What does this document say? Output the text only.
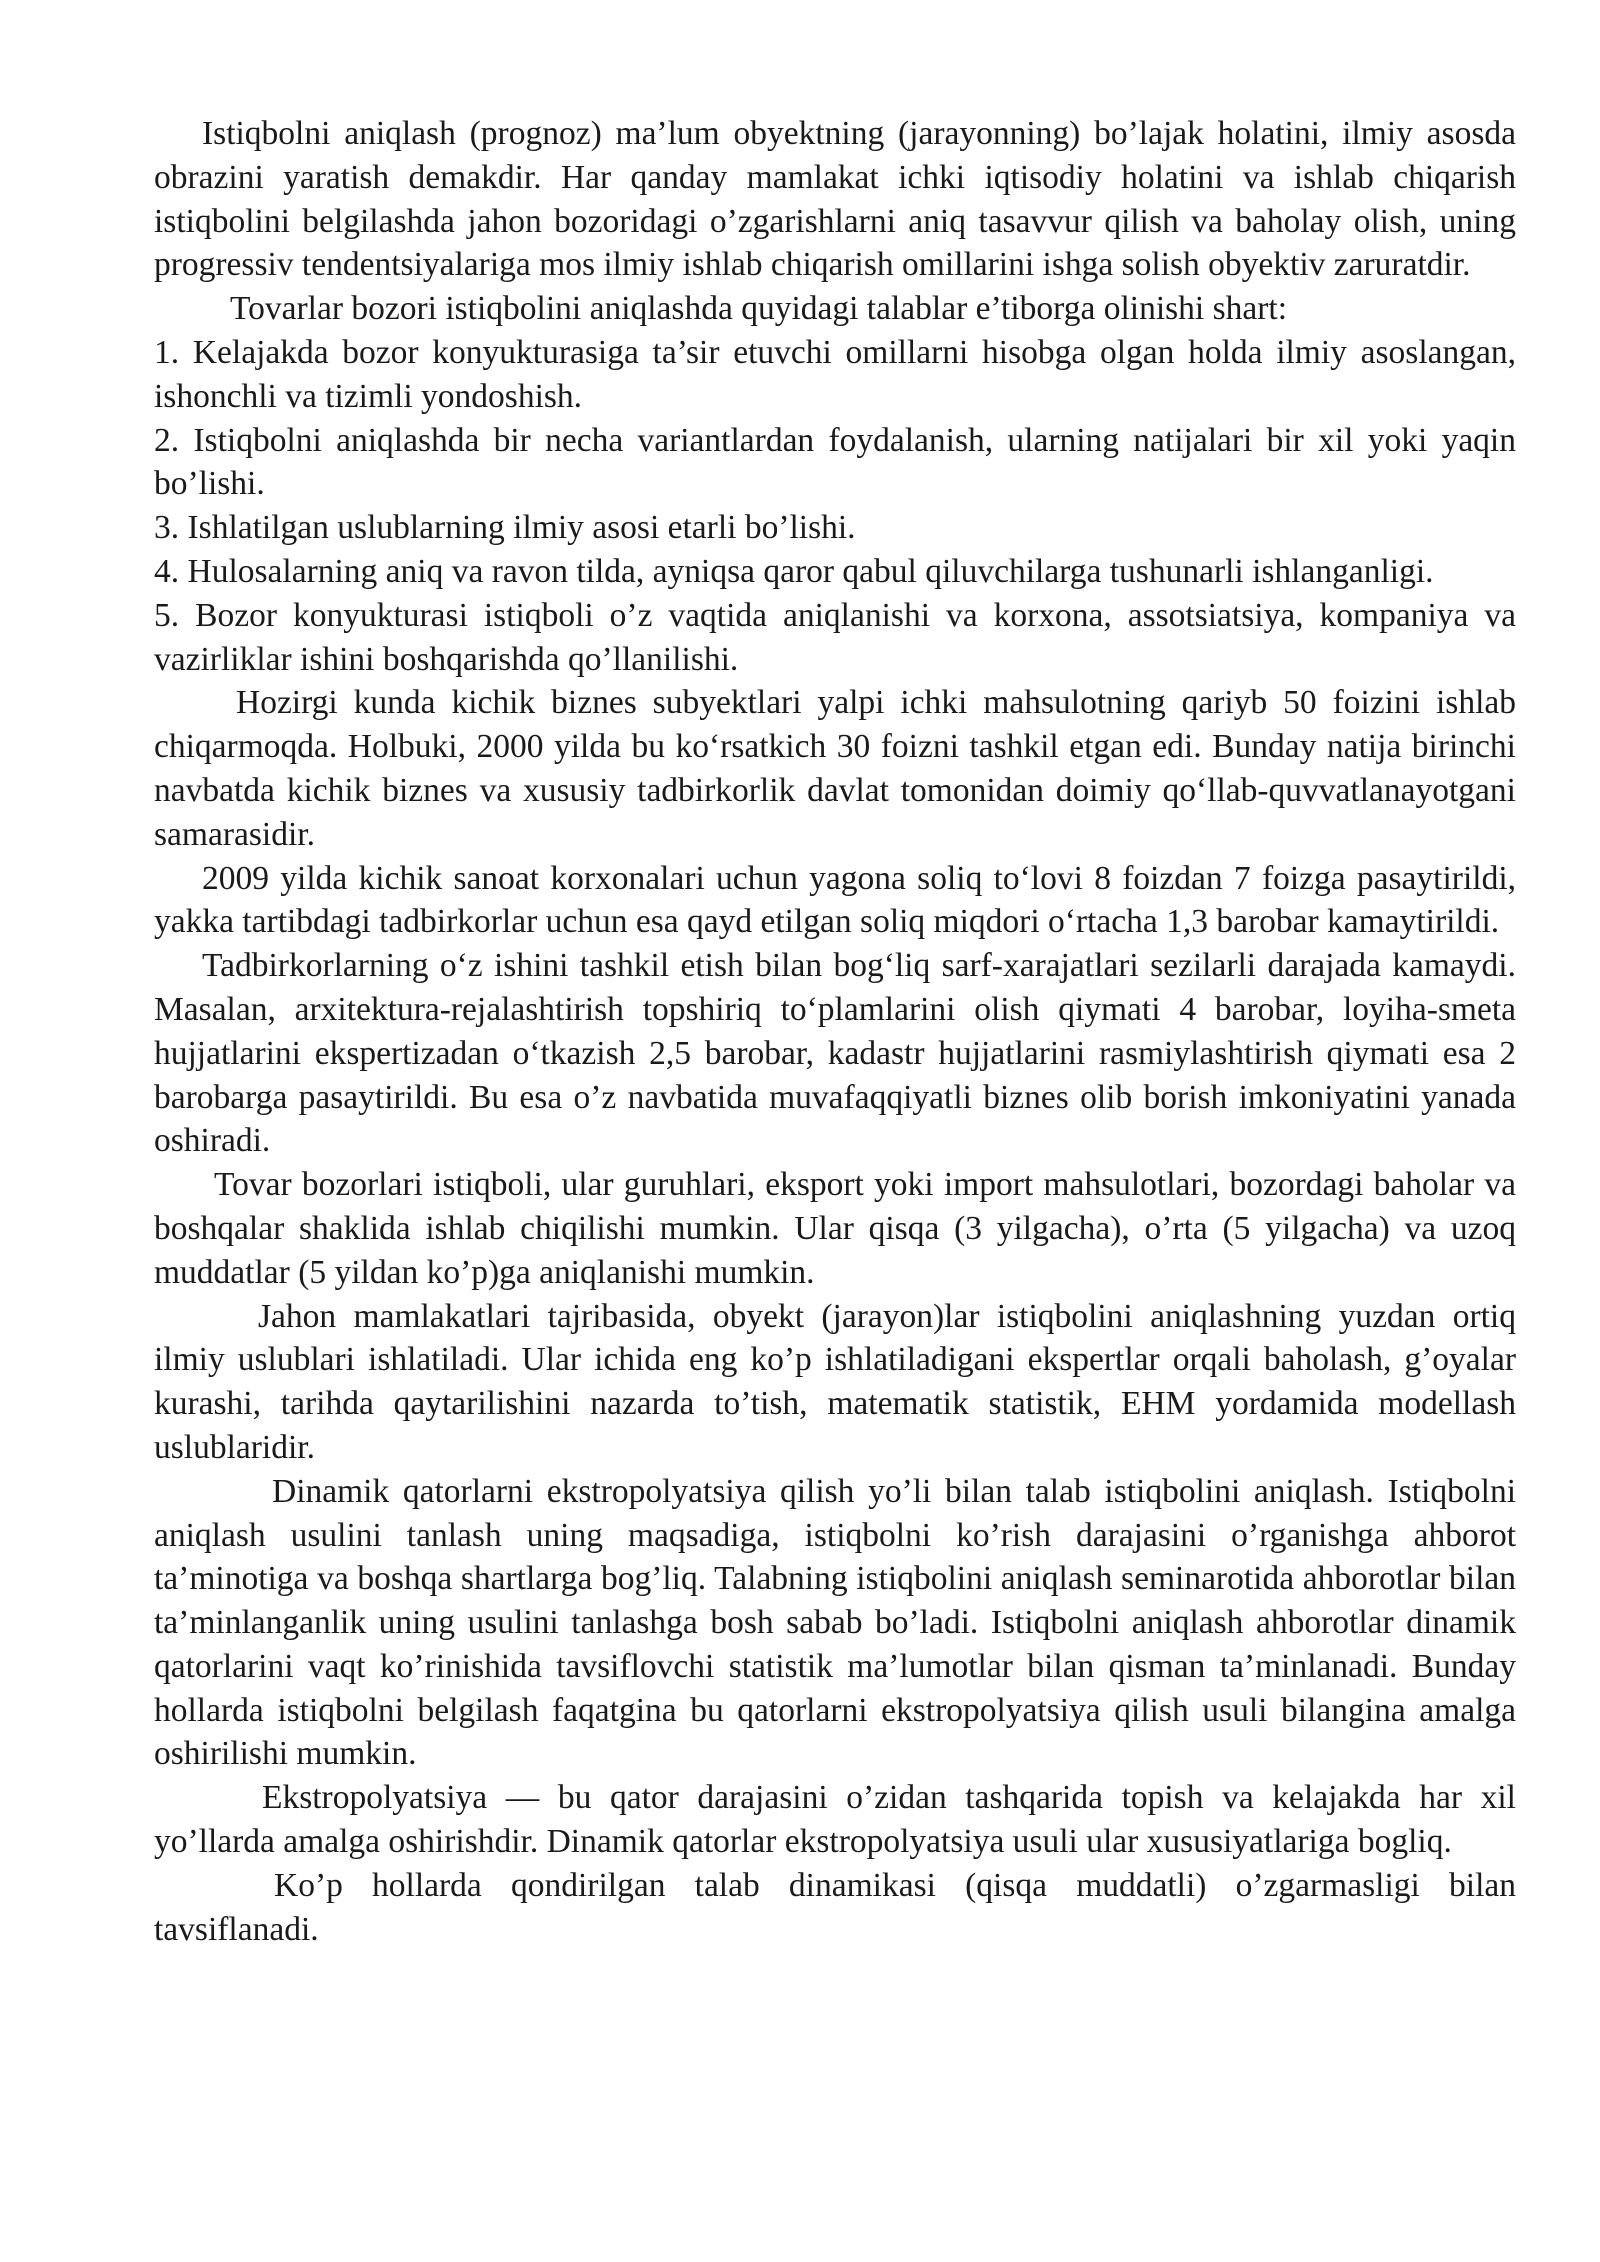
Istiqbolni aniqlash (prognoz) ma’lum obyektning (jarayonning) bo’lajak holatini, ilmiy asosda obrazini yaratish demakdir. Har qanday mamlakat ichki iqtisodiy holatini va ishlab chiqarish istiqbolini belgilashda jahon bozoridagi o’zgarishlarni aniq tasavvur qilish va baholay olish, uning progressiv tendentsiyalariga mos ilmiy ishlab chiqarish omillarini ishga solish obyektiv zaruratdir.

Tovarlar bozori istiqbolini aniqlashda quyidagi talablar e’tiborga olinishi shart:

1. Kelajakda bozor konyukturasiga ta’sir etuvchi omillarni hisobga olgan holda ilmiy asoslangan, ishonchli va tizimli yondoshish.

2. Istiqbolni aniqlashda bir necha variantlardan foydalanish, ularning natijalari bir xil yoki yaqin bo’lishi.

3. Ishlatilgan uslublarning ilmiy asosi etarli bo’lishi.

4. Hulosalarning aniq va ravon tilda, ayniqsa qaror qabul qiluvchilarga tushunarli ishlanganligi.

5. Bozor konyukturasi istiqboli o’z vaqtida aniqlanishi va korxona, assotsiatsiya, kompaniya va vazirliklar ishini boshqarishda qo’llanilishi.

Hozirgi kunda kichik biznes subyektlari yalpi ichki mahsulotning qariyb 50 foizini ishlab chiqarmoqda. Holbuki, 2000 yilda bu ko‘rsatkich 30 foizni tashkil etgan edi. Bunday natija birinchi navbatda kichik biznes va xususiy tadbirkorlik davlat tomonidan doimiy qo‘llab-quvvatlanayotgani samarasidir.

2009 yilda kichik sanoat korxonalari uchun yagona soliq to‘lovi 8 foizdan 7 foizga pasaytirildi, yakka tartibdagi tadbirkorlar uchun esa qayd etilgan soliq miqdori o‘rtacha 1,3 barobar kamaytirildi.

Tadbirkorlarning o‘z ishini tashkil etish bilan bog‘liq sarf-xarajatlari sezilarli darajada kamaydi. Masalan, arxitektura-rejalashtirish topshiriq to‘plamlarini olish qiymati 4 barobar, loyiha-smeta hujjatlarini ekspertizadan o‘tkazish 2,5 barobar, kadastr hujjatlarini rasmiylashtirish qiymati esa 2 barobarga pasaytirildi. Bu esa o’z navbatida muvafaqqiyatli biznes olib borish imkoniyatini yanada oshiradi.

Tovar bozorlari istiqboli, ular guruhlari, eksport yoki import mahsulotlari, bozordagi baholar va boshqalar shaklida ishlab chiqilishi mumkin. Ular qisqa (3 yilgacha), o’rta (5 yilgacha) va uzoq muddatlar (5 yildan ko’p)ga aniqlanishi mumkin.

Jahon mamlakatlari tajribasida, obyekt (jarayon)lar istiqbolini aniqlashning yuzdan ortiq ilmiy uslublari ishlatiladi. Ular ichida eng ko’p ishlatiladigani ekspertlar orqali baholash, g’oyalar kurashi, tarihda qaytarilishini nazarda to’tish, matematik statistik, EHM yordamida modellash uslublaridir.

Dinamik qatorlarni ekstropolyatsiya qilish yo’li bilan talab istiqbolini aniqlash. Istiqbolni aniqlash usulini tanlash uning maqsadiga, istiqbolni ko’rish darajasini o’rganishga ahborot ta’minotiga va boshqa shartlarga bog’liq. Talabning istiqbolini aniqlash seminarotida ahborotlar bilan ta’minlanganlik uning usulini tanlashga bosh sabab bo’ladi. Istiqbolni aniqlash ahborotlar dinamik qatorlarini vaqt ko’rinishida tavsiflovchi statistik ma’lumotlar bilan qisman ta’minlanadi. Bunday hollarda istiqbolni belgilash faqatgina bu qatorlarni ekstropolyatsiya qilish usuli bilangina amalga oshirilishi mumkin.

Ekstropolyatsiya — bu qator darajasini o’zidan tashqarida topish va kelajakda har xil yo’llarda amalga oshirishdir. Dinamik qatorlar ekstropolyatsiya usuli ular xususiyatlariga bogliq.

Ko’p hollarda qondirilgan talab dinamikasi (qisqa muddatli) o’zgarmasligi bilan tavsiflanadi.
